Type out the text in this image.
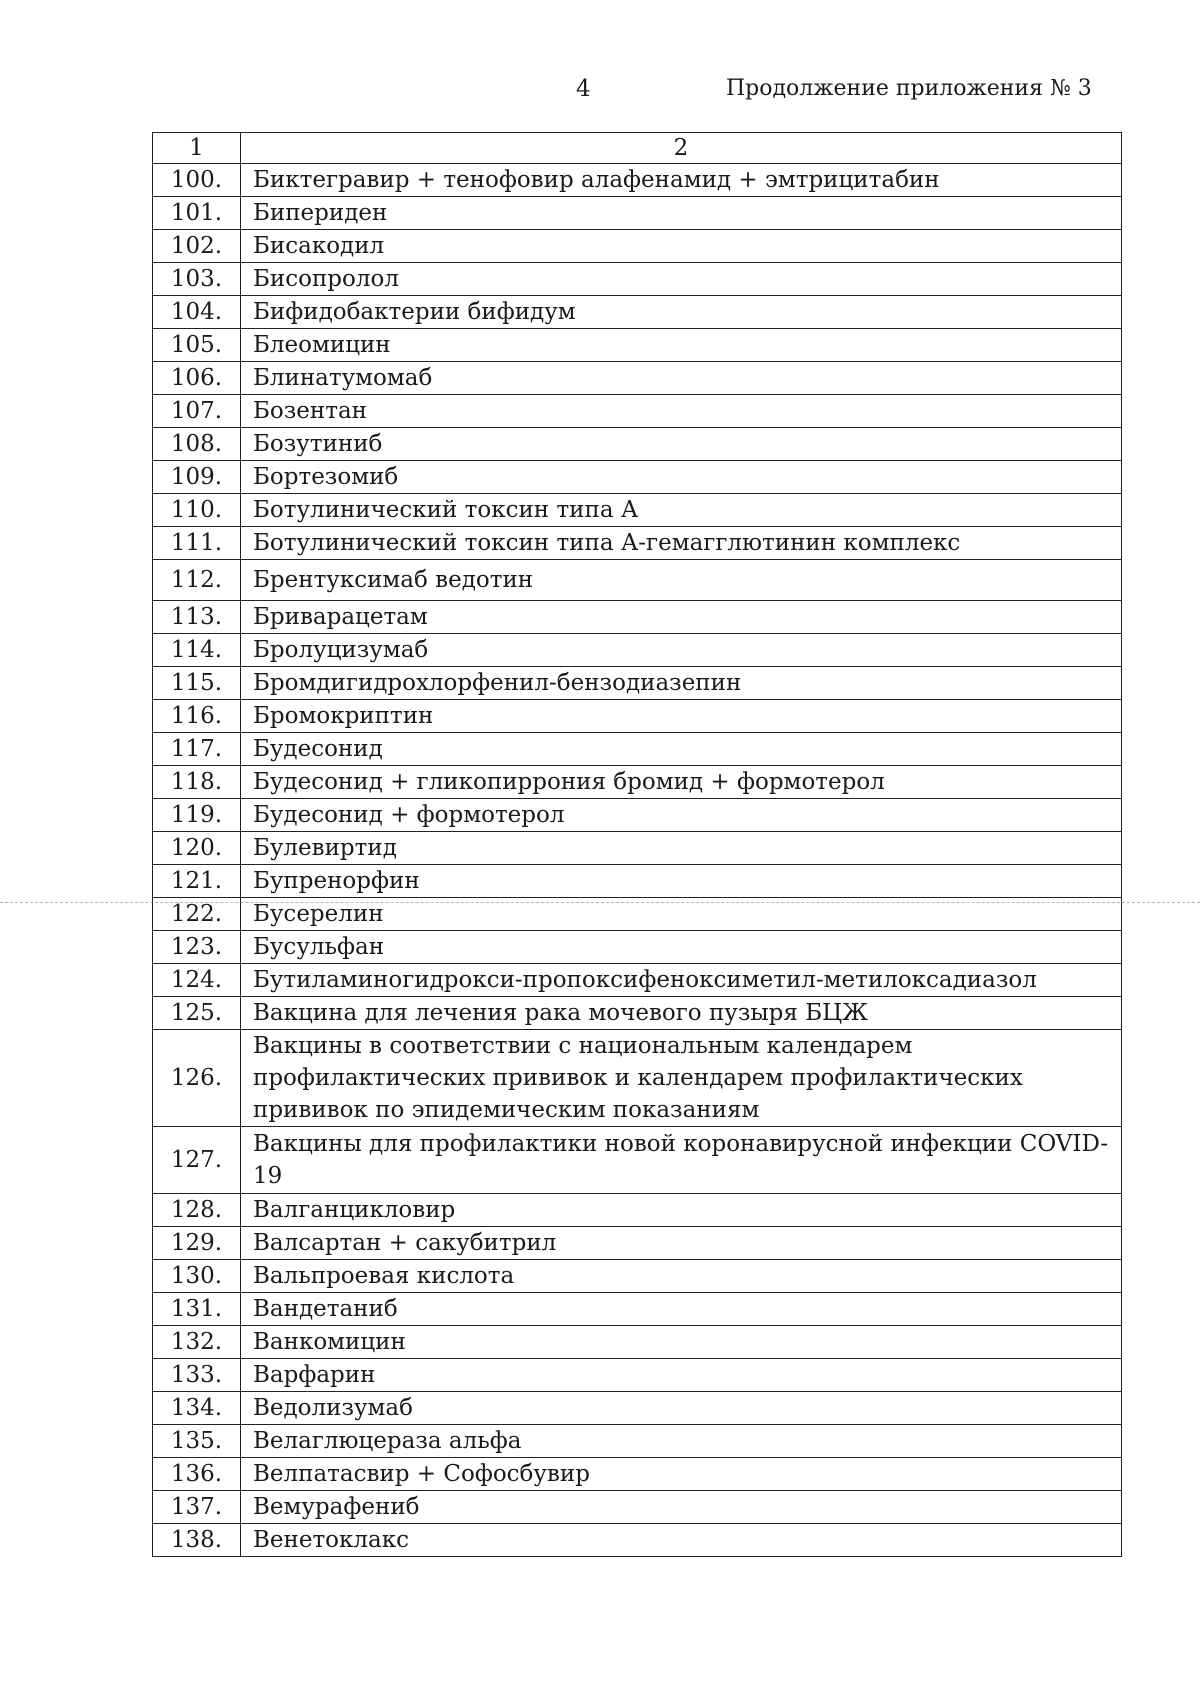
4	Продолжение приложения № 3
1	2
100.	Биктегравир + тенофовир алафенамид + эмтрицитабин
101.	Бипериден
102.	Бисакодил
103.	Бисопролол
104.	Бифидобактерии бифидум
105.	Блеомицин
106.	Блинатумомаб
107.	Бозентан
108.	Бозутиниб
109.	Бортезомиб
110.	Ботулинический токсин типа А
111.	Ботулинический токсин типа А-гемагглютинин комплекс
112.	Брентуксимаб ведотин
113.	Бриварацетам
114.	Бролуцизумаб
115.	Бромдигидрохлорфенил-бензодиазепин
116.	Бромокриптин
117.	Будесонид
118.	Будесонид + гликопиррония бромид + формотерол
119.	Будесонид + формотерол
120.	Булевиртид
121.	Бупренорфин
122.	Бусерелин
123.	Бусульфан
124.	Бутиламиногидрокси-пропоксифеноксиметил-метилоксадиазол
125.	Вакцина для лечения рака мочевого пузыря БЦЖ
126.	Вакцины в соответствии с национальным календарем профилактических прививок и календарем профилактических прививок по эпидемическим показаниям
127.	Вакцины для профилактики новой коронавирусной инфекции COVID-19
128.	Валганцикловир
129.	Валсартан + сакубитрил
130.	Вальпроевая кислота
131.	Вандетаниб
132.	Ванкомицин
133.	Варфарин
134.	Ведолизумаб
135.	Велаглюцераза альфа
136.	Велпатасвир + Софосбувир
137.	Вемурафениб
138.	Венетоклакс
